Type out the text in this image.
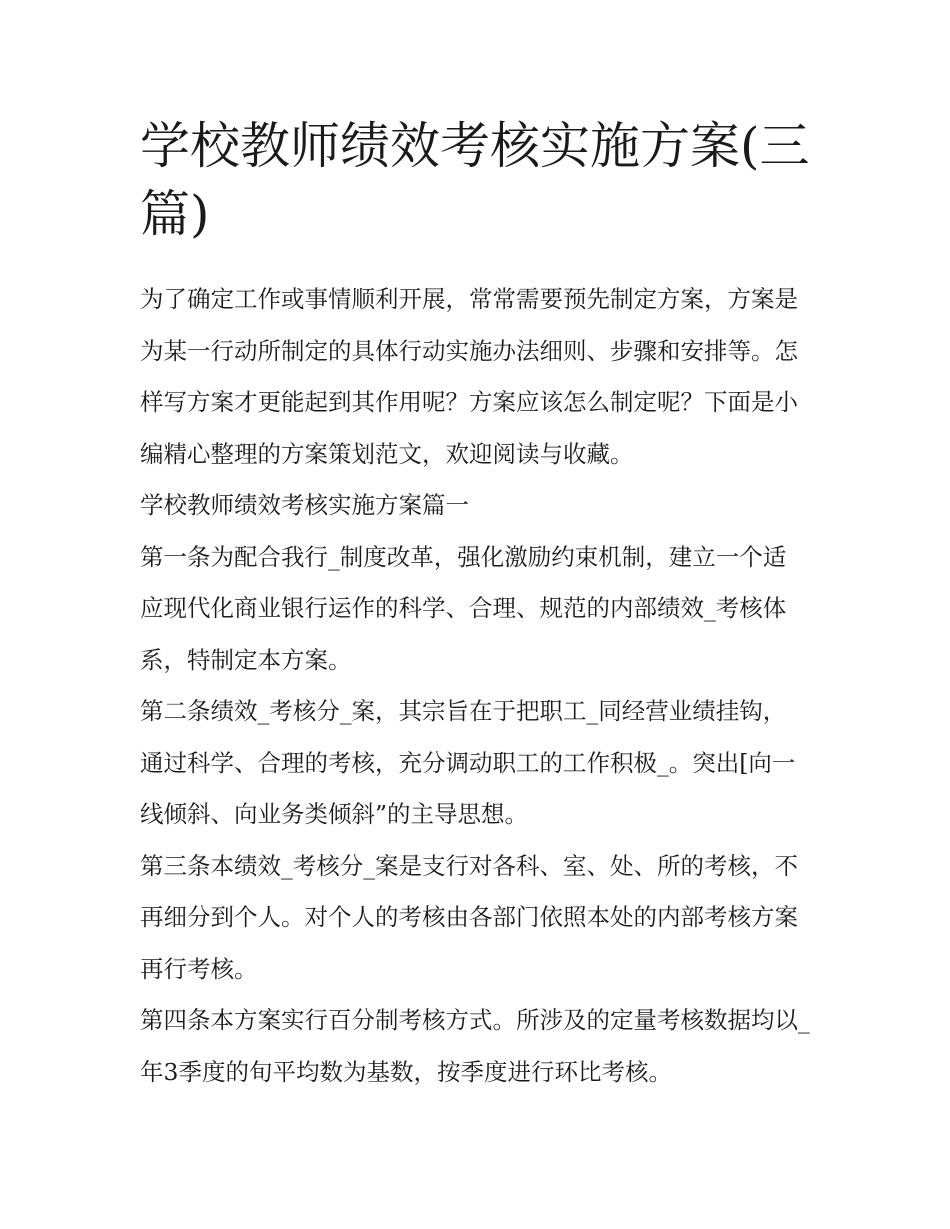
学校教师绩效考核实施方案(三篇)

为了确定工作或事情顺利开展，常常需要预先制定方案，方案是为某一行动所制定的具体行动实施办法细则、步骤和安排等。怎样写方案才更能起到其作用呢？方案应该怎么制定呢？下面是小编精心整理的方案策划范文，欢迎阅读与收藏。

学校教师绩效考核实施方案篇一

第一条为配合我行_制度改革，强化激励约束机制，建立一个适应现代化商业银行运作的科学、合理、规范的内部绩效_考核体系，特制定本方案。

第二条绩效_考核分_案，其宗旨在于把职工_同经营业绩挂钩，通过科学、合理的考核，充分调动职工的工作积极_。突出[向一线倾斜、向业务类倾斜”的主导思想。

第三条本绩效_考核分_案是支行对各科、室、处、所的考核，不再细分到个人。对个人的考核由各部门依照本处的内部考核方案再行考核。

第四条本方案实行百分制考核方式。所涉及的定量考核数据均以_年3季度的旬平均数为基数，按季度进行环比考核。
